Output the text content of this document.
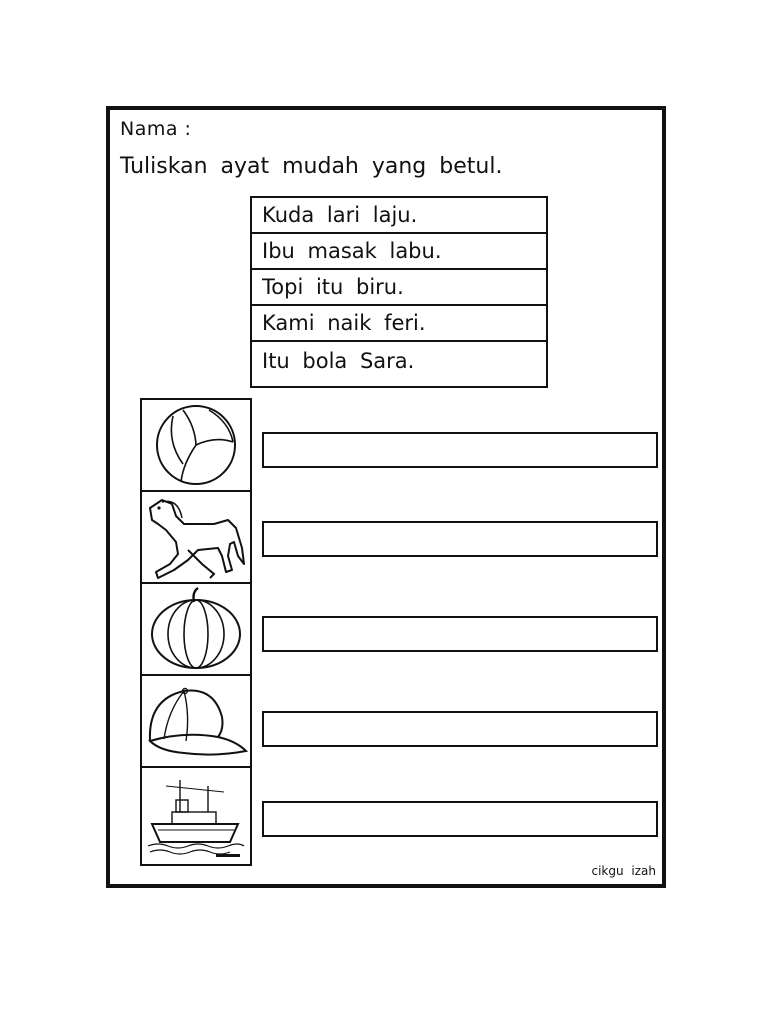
Nama :
Tuliskan ayat mudah yang betul.
Kuda lari laju.
Ibu masak labu.
Topi itu biru.
Kami naik feri.
Itu bola Sara.
cikgu izah
